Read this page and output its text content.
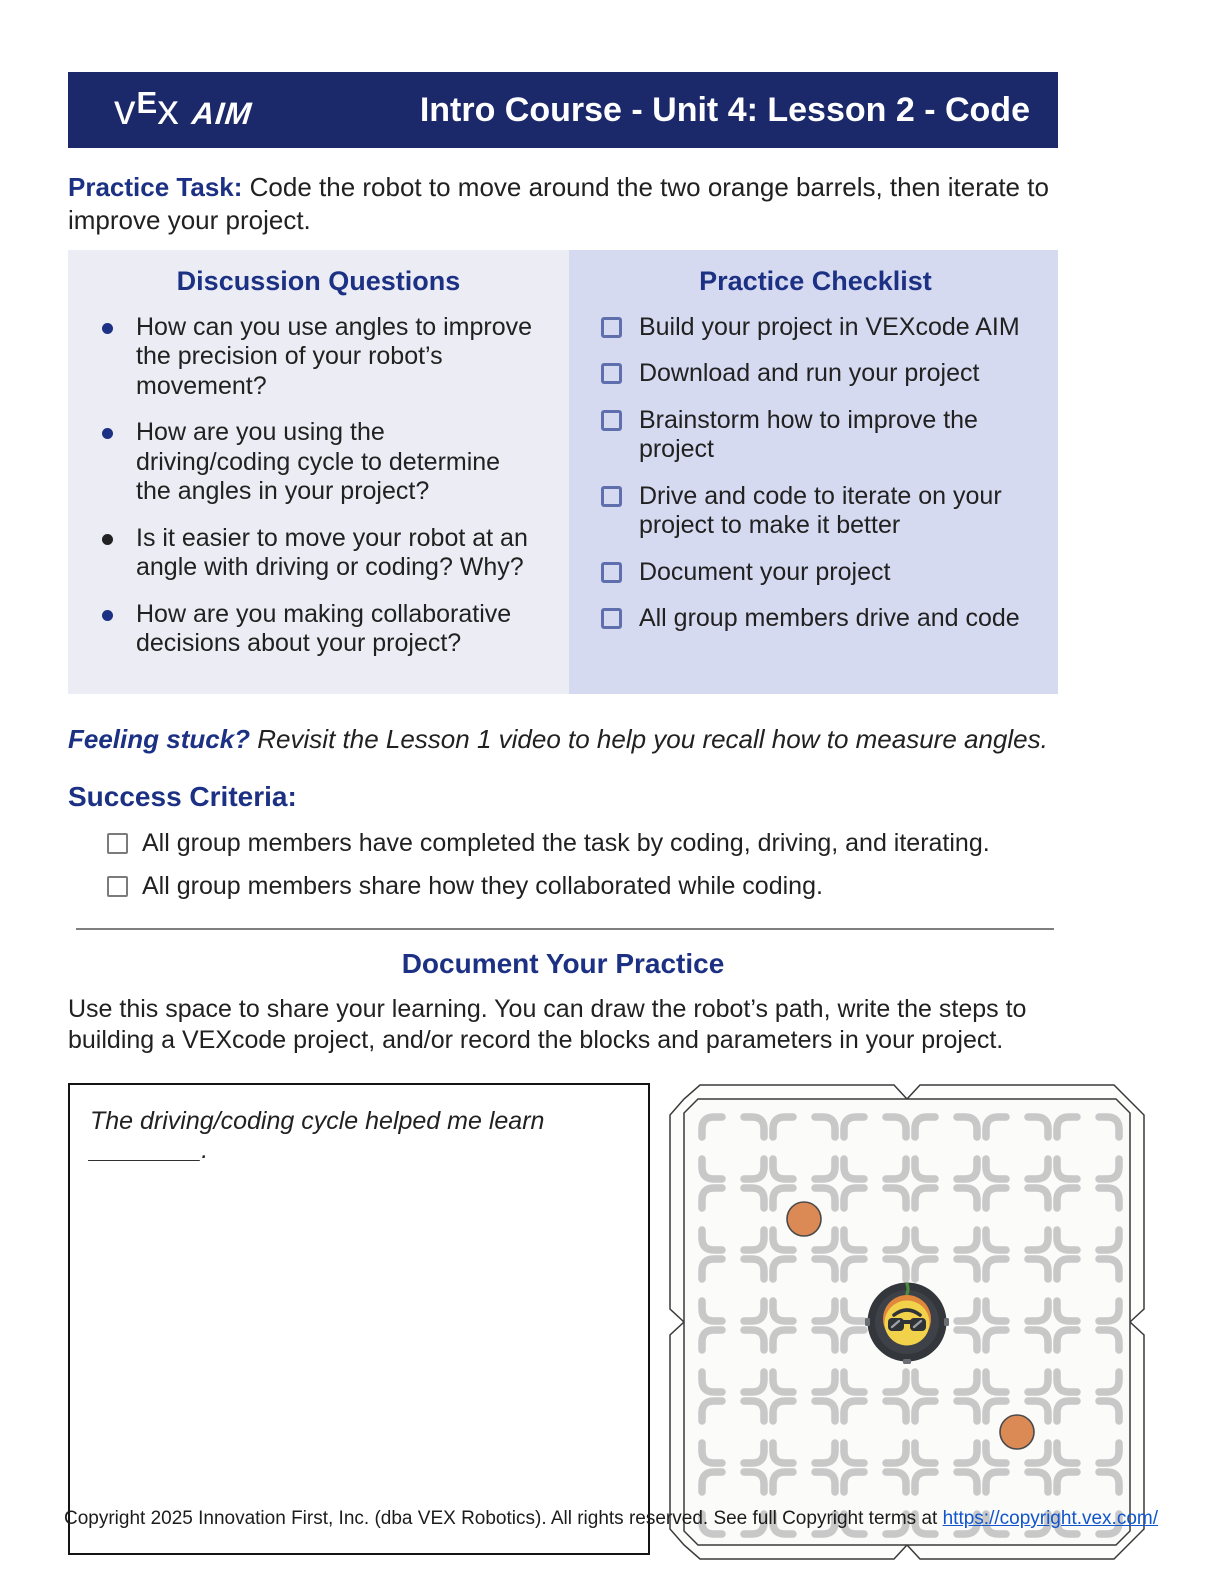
v E x AIM	Intro Course - Unit 4: Lesson 2 - Code

Practice Task: Code the robot to move around the two orange barrels, then iterate to improve your project.

Discussion Questions
How can you use angles to improve the precision of your robot’s movement?
How are you using the driving/coding cycle to determine the angles in your project?
Is it easier to move your robot at an angle with driving or coding? Why?
How are you making collaborative decisions about your project?
Practice Checklist
Build your project in VEXcode AIM
Download and run your project
Brainstorm how to improve the project
Drive and code to iterate on your project to make it better
Document your project
All group members drive and code

Feeling stuck? Revisit the Lesson 1 video to help you recall how to measure angles.

Success Criteria:
All group members have completed the task by coding, driving, and iterating.
All group members share how they collaborated while coding.
Document Your Practice

Use this space to share your learning. You can draw the robot’s path, write the steps to building a VEXcode project, and/or record the blocks and parameters in your project.

The driving/coding cycle helped me learn ________.
Copyright 2025 Innovation First, Inc. (dba VEX Robotics). All rights reserved. See full Copyright terms at https://copyright.vex.com/
